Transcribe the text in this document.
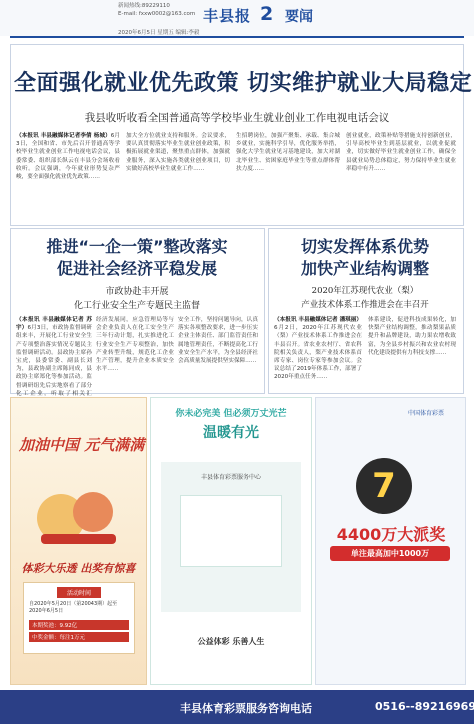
新闻热线:89229110
E-mail: fxxw0002@163.com 丰县报 2 要闻
2020年6月5日 星期五 编辑:李毅
全面强化就业优先政策 切实维护就业大局稳定
我县收听收看全国普通高等学校毕业生就业创业工作电视电话会议
（本报讯 丰县融媒体记者李倩 杨城）6月3日，全国和省、市先后召开普通高等学校毕业生就业创业工作电视电话会议，县委常委、组织部长纵云在丰县分会场收看收听。会议强调，今年就业形势复杂严峻，要全面强化就业优先政策……
加大全方位就业支持和服务。会议要求，要认真贯彻落实毕业生就业创业政策，积极拓展就业渠道，聚焦重点群体，加强就业服务，深入实施各类就业创业项目，切实做好高校毕业生就业工作……
生招聘岗位，加强产聚集、承载、集合城乡就业，实施科学引导，优化服务举措，强化大学生就业见习基地建设，加大对湖北毕业生、贫困家庭毕业生等重点群体帮扶力度……
创业就业，政策补贴等措施支持创新创业，引导高校毕业生到基层就业，以就业促就业，切实做好毕业生就业创业工作，确保全县就业局势总体稳定，努力保持毕业生就业率稳中有升……
推进“一企一策”整改落实
促进社会经济平稳发展
市政协赴丰开展
化工行业安全生产专题民主监督
（本报讯 丰县融媒体记者 苏宇）6月3日，市政协监督调研组来丰，开展化工行业安全生产专项整治落实情况专题民主监督调研活动。县政协主席孙宝虎，县委常委、副县长刘为，县政协副主席陈同成，县政协主席郑化等参加活动。监督调研组先后实地察看了部分化工企业，听取了相关汇
经济发展同，应急管理局等与会企业负责人在化工安全生产三年行动计划，扎实推进化工行业安全生产专项整治，加快产业转型升级，规范化工企业生产管理，提升企业本质安全水平……
安全工作，坚持问题导向，认真落实各项整改要求，进一步压实企业主体责任、部门监管责任和属地管理责任，不断提高化工行业安全生产水平，为全县经济社会高质量发展提供坚实保障……
切实发挥体系优势
加快产业结构调整
2020年江苏现代农业（梨）
产业技术体系工作推进会在丰召开
（本报讯 丰县融媒体记者 潘琪丽）6月2日，2020年江苏现代农业（梨）产业技术体系工作推进会在丰县召开。省农业农村厅、省农科院相关负责人，梨产业技术体系首席专家、岗位专家等参加会议。会议总结了2019年体系工作，部署了2020年重点任务……
体系建设，促进科技成果转化，加快梨产业结构调整，推动梨果品质提升和品牌建设，助力果农增收致富，为全县乡村振兴和农业农村现代化建设提供有力科技支撑……
加油中国 元气满满
体彩大乐透 出奖有惊喜
活动时间
自2020年5月20日（第20043期）起至2020年6月5日
本期奖池：9.92亿
中奖金额：每注1万元
你未必完美 但必须万丈光芒
温暖有光
丰县体育彩票服务中心
公益体彩 乐善人生
中国体育彩票
7
4400万大派奖
单注最高加中1000万
丰县体育彩票服务咨询电话	0516--89216969
